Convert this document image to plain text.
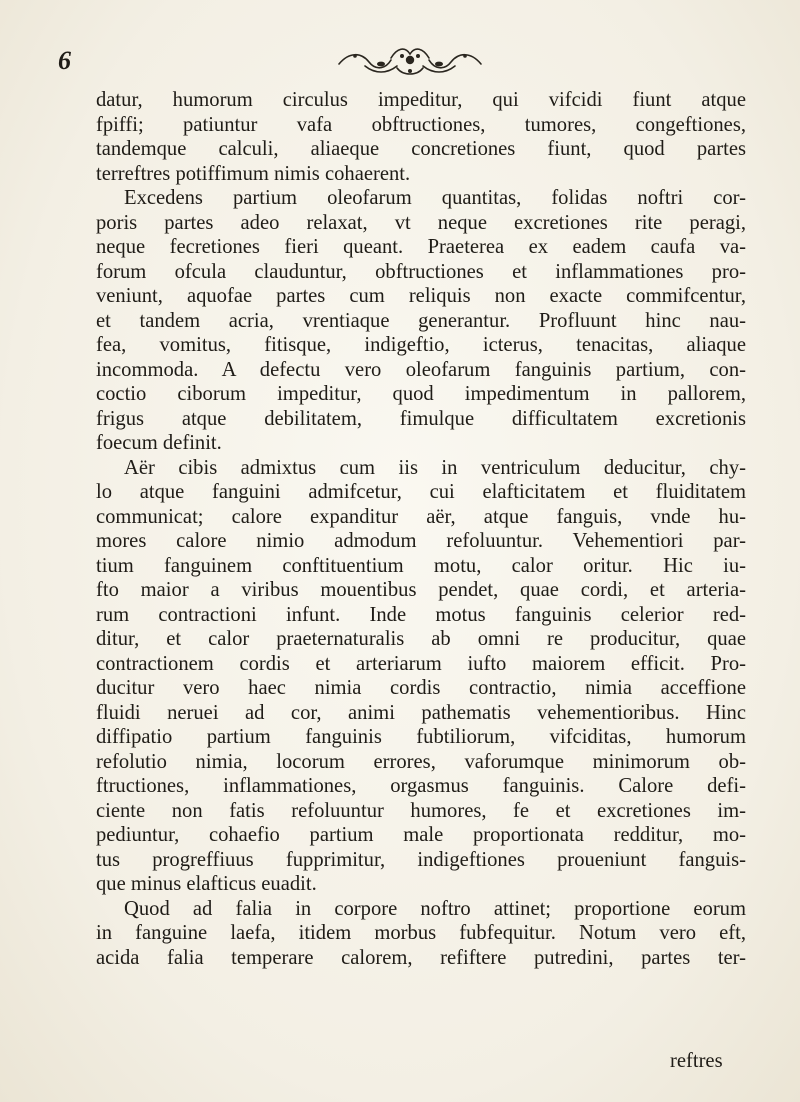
6
datur, humorum circulus impeditur, qui vifcidi fiunt atque
fpiffi; patiuntur vafa obftructiones, tumores, congeftiones,
tandemque calculi, aliaeque concretiones fiunt, quod partes
terreftres potiffimum nimis cohaerent.
Excedens partium oleofarum quantitas, folidas noftri cor-
poris partes adeo relaxat, vt neque excretiones rite peragi,
neque fecretiones fieri queant. Praeterea ex eadem caufa va-
forum ofcula clauduntur, obftructiones et inflammationes pro-
veniunt, aquofae partes cum reliquis non exacte commifcentur,
et tandem acria, vrentiaque generantur. Profluunt hinc nau-
fea, vomitus, fitisque, indigeftio, icterus, tenacitas, aliaque
incommoda. A defectu vero oleofarum fanguinis partium, con-
coctio ciborum impeditur, quod impedimentum in pallorem,
frigus atque debilitatem, fimulque difficultatem excretionis
foecum definit.
Aër cibis admixtus cum iis in ventriculum deducitur, chy-
lo atque fanguini admifcetur, cui elafticitatem et fluiditatem
communicat; calore expanditur aër, atque fanguis, vnde hu-
mores calore nimio admodum refoluuntur. Vehementiori par-
tium fanguinem conftituentium motu, calor oritur. Hic iu-
fto maior a viribus mouentibus pendet, quae cordi, et arteria-
rum contractioni infunt. Inde motus fanguinis celerior red-
ditur, et calor praeternaturalis ab omni re producitur, quae
contractionem cordis et arteriarum iufto maiorem efficit. Pro-
ducitur vero haec nimia cordis contractio, nimia acceffione
fluidi neruei ad cor, animi pathematis vehementioribus. Hinc
diffipatio partium fanguinis fubtiliorum, vifciditas, humorum
refolutio nimia, locorum errores, vaforumque minimorum ob-
ftructiones, inflammationes, orgasmus fanguinis. Calore defi-
ciente non fatis refoluuntur humores, fe et excretiones im-
pediuntur, cohaefio partium male proportionata redditur, mo-
tus progreffiuus fupprimitur, indigeftiones proueniunt fanguis-
que minus elafticus euadit.
Quod ad falia in corpore noftro attinet; proportione eorum
in fanguine laefa, itidem morbus fubfequitur. Notum vero eft,
acida falia temperare calorem, refiftere putredini, partes ter-
reftres
